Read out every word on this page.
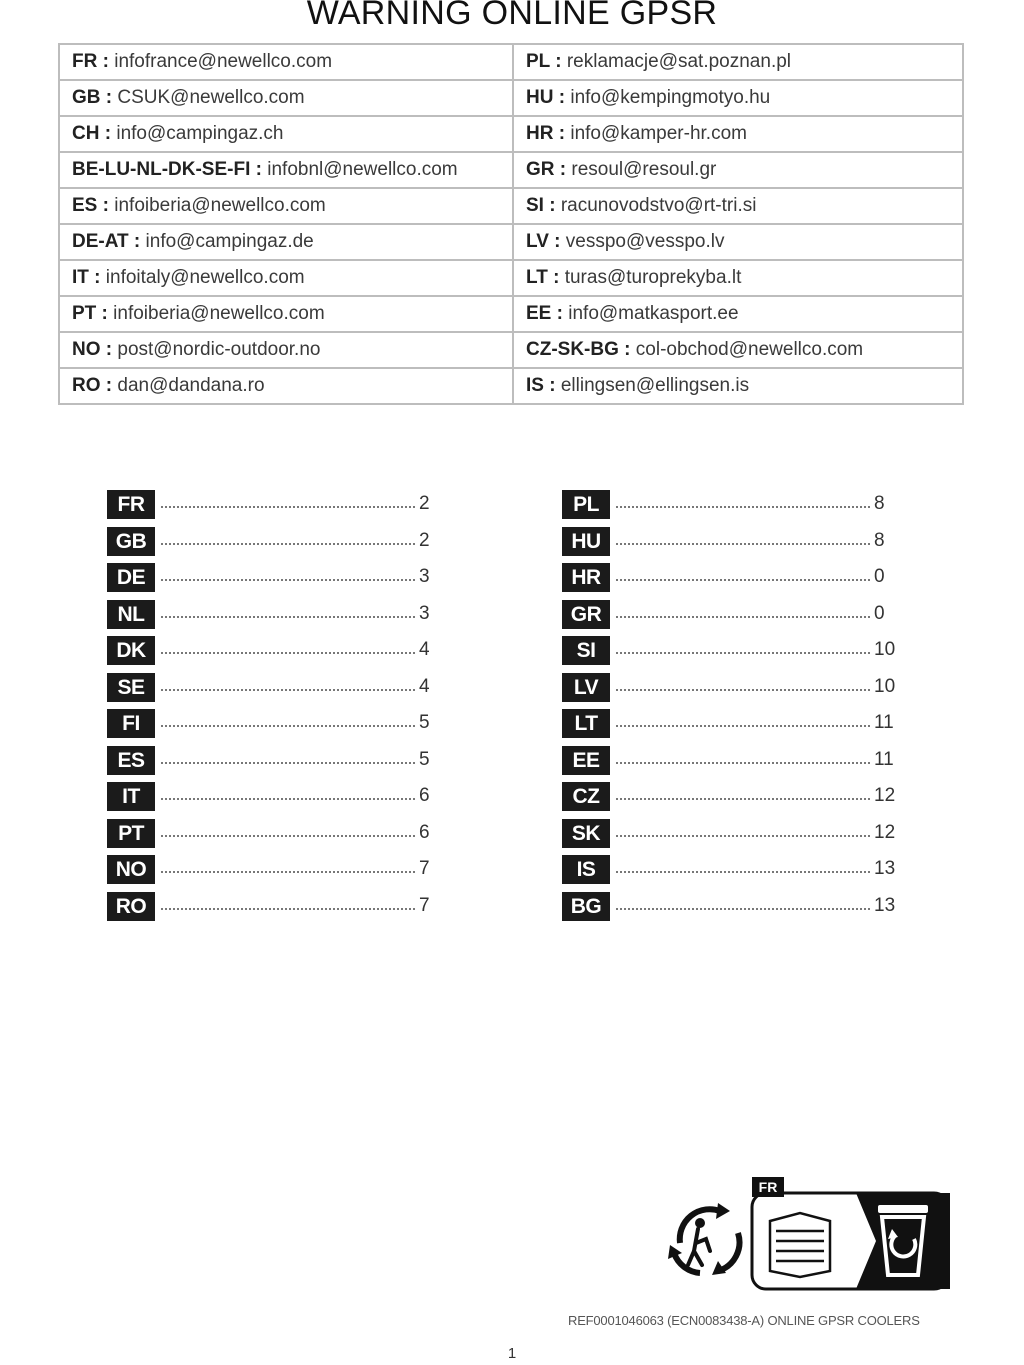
WARNING ONLINE GPSR
FR : infofrance@newellco.com	PL : reklamacje@sat.poznan.pl
GB : CSUK@newellco.com	HU : info@kempingmotyo.hu
CH : info@campingaz.ch	HR : info@kamper-hr.com
BE-LU-NL-DK-SE-FI : infobnl@newellco.com	GR : resoul@resoul.gr
ES : infoiberia@newellco.com	SI : racunovodstvo@rt-tri.si
DE-AT : info@campingaz.de	LV : vesspo@vesspo.lv
IT : infoitaly@newellco.com	LT : turas@turoprekyba.lt
PT : infoiberia@newellco.com	EE : info@matkasport.ee
NO : post@nordic-outdoor.no	CZ-SK-BG : col-obchod@newellco.com
RO : dan@dandana.ro	IS : ellingsen@ellingsen.is
FR	2
GB	2
DE	3
NL	3
DK	4
SE	4
FI	5
ES	5
IT	6
PT	6
NO	7
RO	7
PL	8
HU	8
HR	0
GR	0
SI	10
LV	10
LT	11
EE	11
CZ	12
SK	12
IS	13
BG	13
FR
REF0001046063 (ECN0083438-A) ONLINE GPSR COOLERS
1
